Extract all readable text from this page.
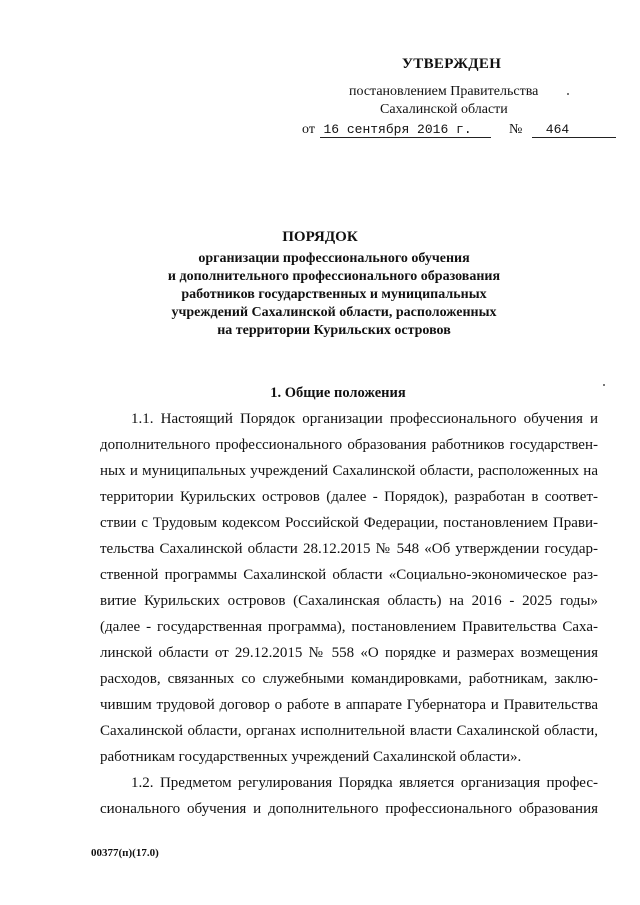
УТВЕРЖДЕН
постановлением Правительства
Сахалинской области
от 16 сентября 2016 г.	№ 464
ПОРЯДОК
организации профессионального обучения
и дополнительного профессионального образования
работников государственных и муниципальных
учреждений Сахалинской области, расположенных
на территории Курильских островов
1. Общие положения
1.1. Настоящий Порядок организации профессионального обучения и
дополнительного профессионального образования работников государствен-
ных и муниципальных учреждений Сахалинской области, расположенных на
территории Курильских островов (далее - Порядок), разработан в соответ-
ствии с Трудовым кодексом Российской Федерации, постановлением Прави-
тельства Сахалинской области 28.12.2015 № 548 «Об утверждении государ-
ственной программы Сахалинской области «Социально-экономическое раз-
витие Курильских островов (Сахалинская область) на 2016 - 2025 годы»
(далее - государственная программа), постановлением Правительства Саха-
линской области от 29.12.2015 № 558 «О порядке и размерах возмещения
расходов, связанных со служебными командировками, работникам, заклю-
чившим трудовой договор о работе в аппарате Губернатора и Правительства
Сахалинской области, органах исполнительной власти Сахалинской области,
работникам государственных учреждений Сахалинской области».
1.2. Предметом регулирования Порядка является организация профес-
сионального обучения и дополнительного профессионального образования
00377(п)(17.0)
